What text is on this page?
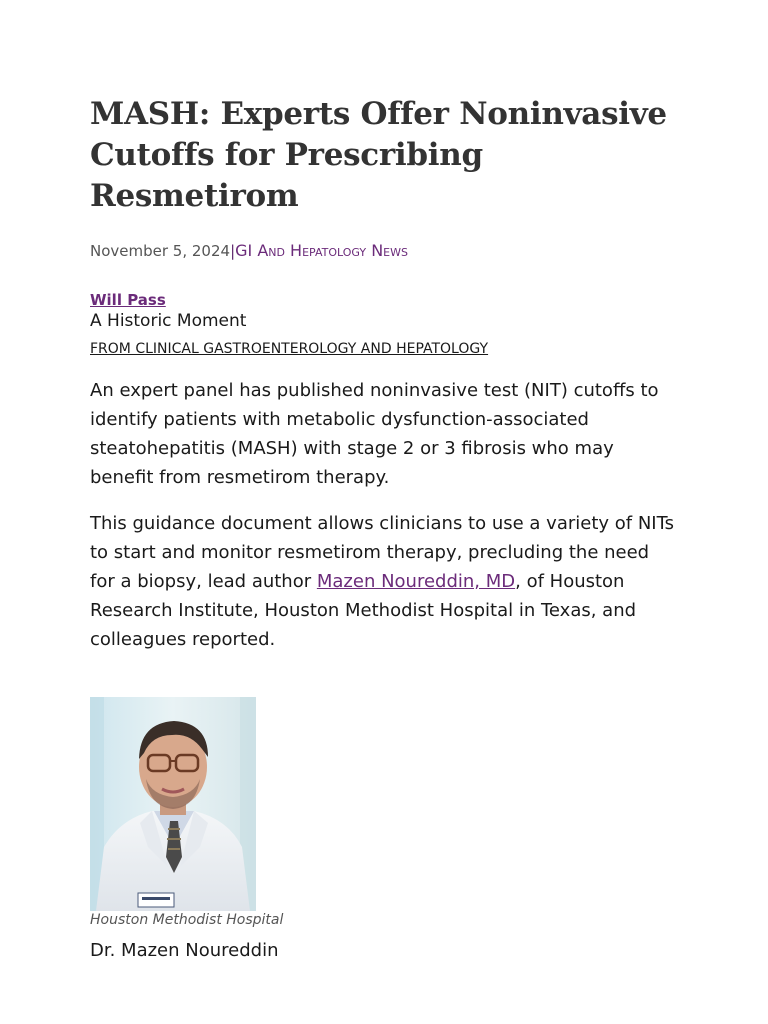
MASH: Experts Offer Noninvasive Cutoffs for Prescribing Resmetirom
November 5, 2024|GI And Hepatology News
Will Pass
A Historic Moment
FROM CLINICAL GASTROENTEROLOGY AND HEPATOLOGY

An expert panel has published noninvasive test (NIT) cutoffs to identify patients with metabolic dysfunction-associated steatohepatitis (MASH) with stage 2 or 3 fibrosis who may benefit from resmetirom therapy.

This guidance document allows clinicians to use a variety of NITs to start and monitor resmetirom therapy, precluding the need for a biopsy, lead author Mazen Noureddin, MD, of Houston Research Institute, Houston Methodist Hospital in Texas, and colleagues reported.

Houston Methodist Hospital
Dr. Mazen Noureddin
